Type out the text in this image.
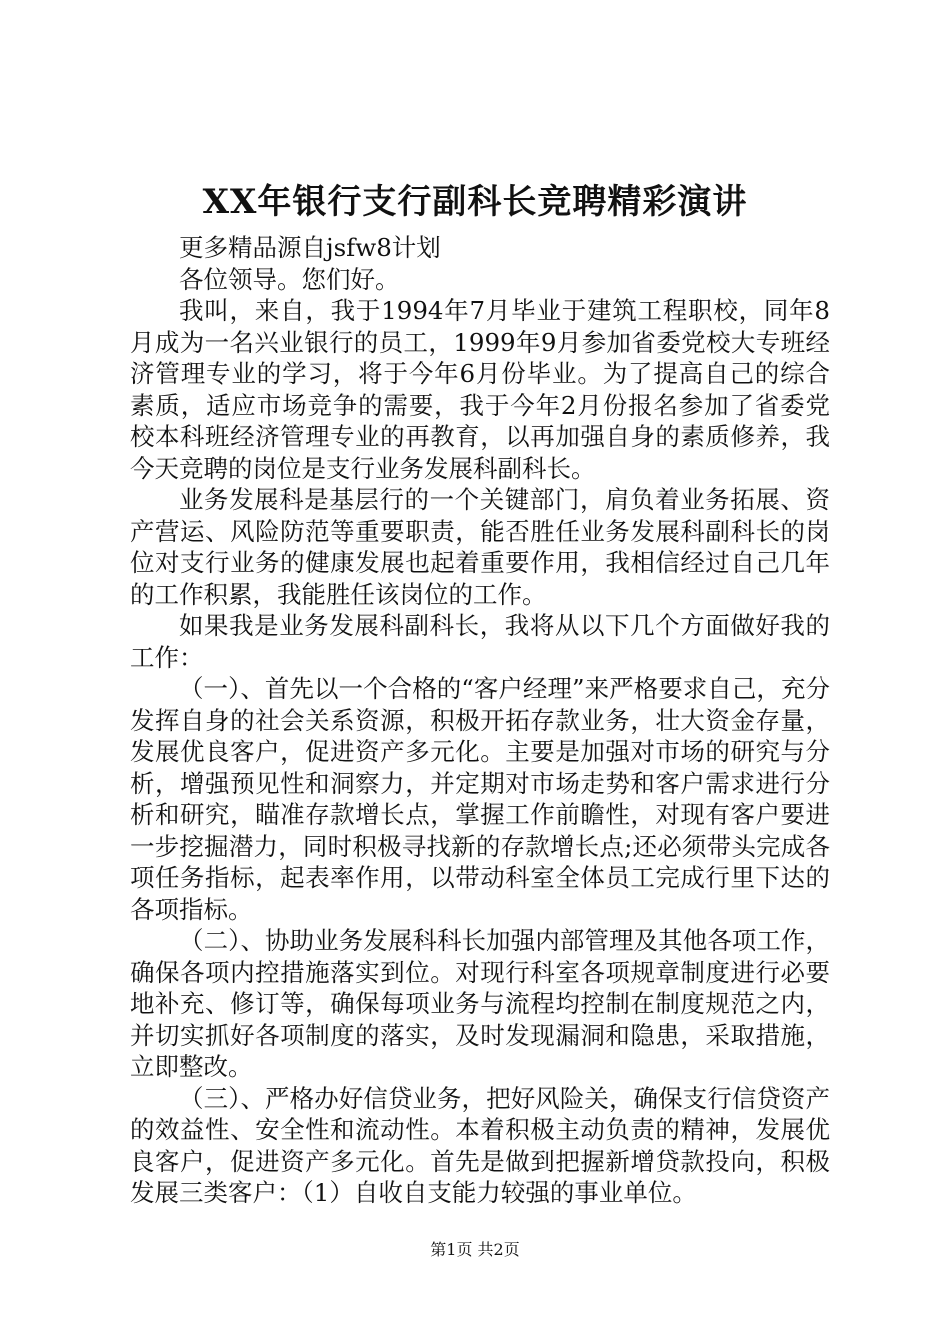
XX年银行支行副科长竞聘精彩演讲

更多精品源自jsfw8计划

各位领导。您们好。

我叫，来自，我于1994年7月毕业于建筑工程职校，同年8月成为一名兴业银行的员工，1999年9月参加省委党校大专班经济管理专业的学习，将于今年6月份毕业。为了提高自己的综合素质，适应市场竞争的需要，我于今年2月份报名参加了省委党校本科班经济管理专业的再教育，以再加强自身的素质修养，我今天竞聘的岗位是支行业务发展科副科长。

业务发展科是基层行的一个关键部门，肩负着业务拓展、资产营运、风险防范等重要职责，能否胜任业务发展科副科长的岗位对支行业务的健康发展也起着重要作用，我相信经过自己几年的工作积累，我能胜任该岗位的工作。

如果我是业务发展科副科长，我将从以下几个方面做好我的工作：

（一）、首先以一个合格的“客户经理”来严格要求自己，充分发挥自身的社会关系资源，积极开拓存款业务，壮大资金存量，发展优良客户，促进资产多元化。主要是加强对市场的研究与分析，增强预见性和洞察力，并定期对市场走势和客户需求进行分析和研究，瞄准存款增长点，掌握工作前瞻性，对现有客户要进一步挖掘潜力，同时积极寻找新的存款增长点;还必须带头完成各项任务指标，起表率作用，以带动科室全体员工完成行里下达的各项指标。

（二）、协助业务发展科科长加强内部管理及其他各项工作，确保各项内控措施落实到位。对现行科室各项规章制度进行必要地补充、修订等，确保每项业务与流程均控制在制度规范之内，并切实抓好各项制度的落实，及时发现漏洞和隐患，采取措施，立即整改。

（三）、严格办好信贷业务，把好风险关，确保支行信贷资产的效益性、安全性和流动性。本着积极主动负责的精神，发展优良客户，促进资产多元化。首先是做到把握新增贷款投向，积极发展三类客户：（1）自收自支能力较强的事业单位。

第1页 共2页
